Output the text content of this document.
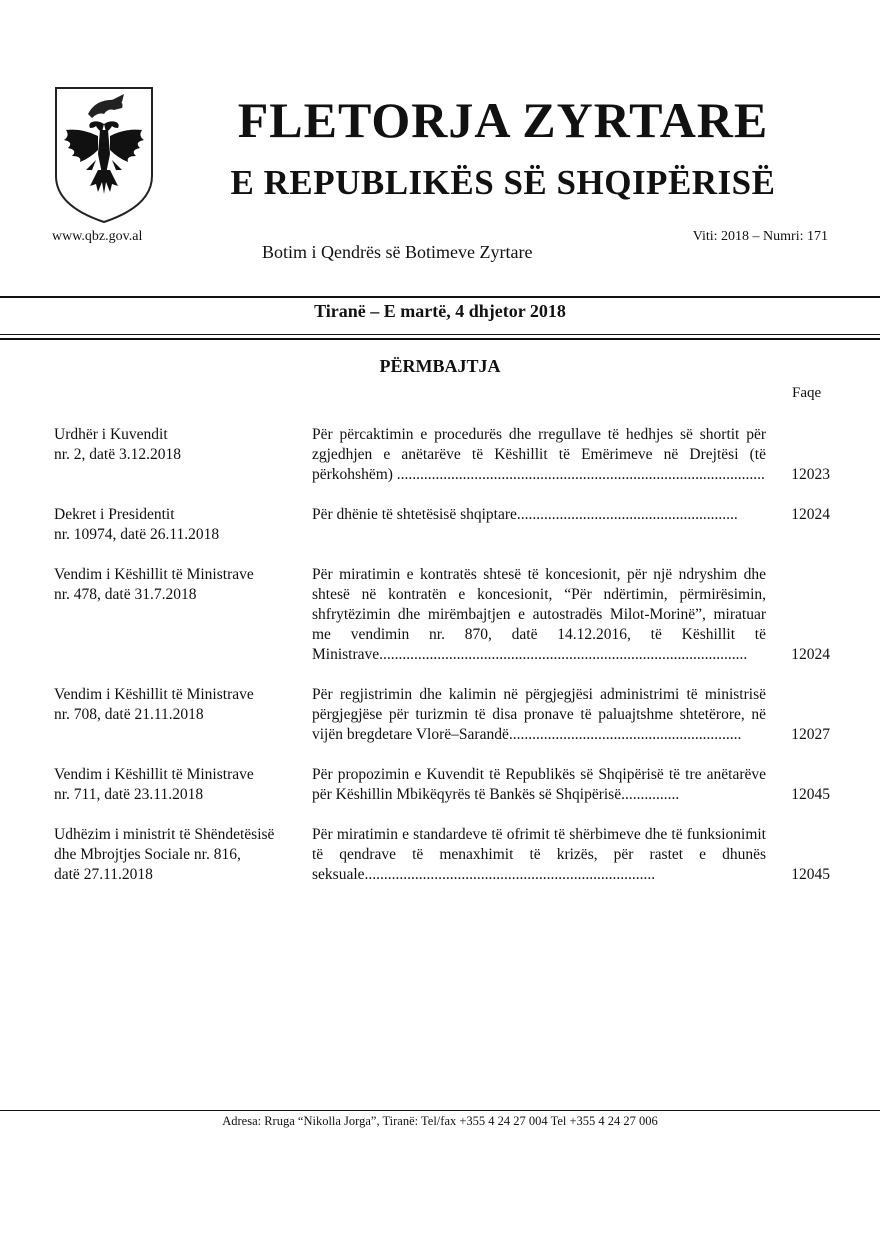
FLETORJA ZYRTARE
E REPUBLIKËS SË SHQIPËRISË
www.qbz.gov.al	Viti: 2018 – Numri: 171
Botim i Qendrës së Botimeve Zyrtare
Tiranë – E martë, 4 dhjetor 2018
PËRMBAJTJA
Faqe
Urdhër i Kuvendit
nr. 2, datë 3.12.2018
Për përcaktimin e procedurës dhe rregullave të hedhjes së shortit për zgjedhjen e anëtarëve të Këshillit të Emërimeve në Drejtësi (të përkohshëm) ............................................................................................... 12023
Dekret i Presidentit
nr. 10974, datë 26.11.2018
Për dhënie të shtetësisë shqiptare.........................................................	12024
Vendim i Këshillit të Ministrave
nr. 478, datë 31.7.2018
Për miratimin e kontratës shtesë të koncesionit, për një ndryshim dhe shtesë në kontratën e koncesionit, “Për ndërtimin, përmirësimin, shfrytëzimin dhe mirëmbajtjen e autostradës Milot-Morinë”, miratuar me vendimin nr. 870, datë 14.12.2016, të Këshillit të Ministrave...............................................................................................	12024
Vendim i Këshillit të Ministrave
nr. 708, datë 21.11.2018
Për regjistrimin dhe kalimin në përgjegjësi administrimi të ministrisë përgjegjëse për turizmin të disa pronave të paluajtshme shtetërore, në vijën bregdetare Vlorë–Sarandë............................................................	12027
Vendim i Këshillit të Ministrave
nr. 711, datë 23.11.2018
Për propozimin e Kuvendit të Republikës së Shqipërisë të tre anëtarëve për Këshillin Mbikëqyrës të Bankës së Shqipërisë...............	12045
Udhëzim i ministrit të Shëndetësisë
dhe Mbrojtjes Sociale nr. 816,
datë 27.11.2018
Për miratimin e standardeve të ofrimit të shërbimeve dhe të funksionimit të qendrave të menaxhimit të krizës, për rastet e dhunës seksuale...........................................................................	12045
Adresa: Rruga “Nikolla Jorga”, Tiranë: Tel/fax +355 4 24 27 004 Tel +355 4 24 27 006
